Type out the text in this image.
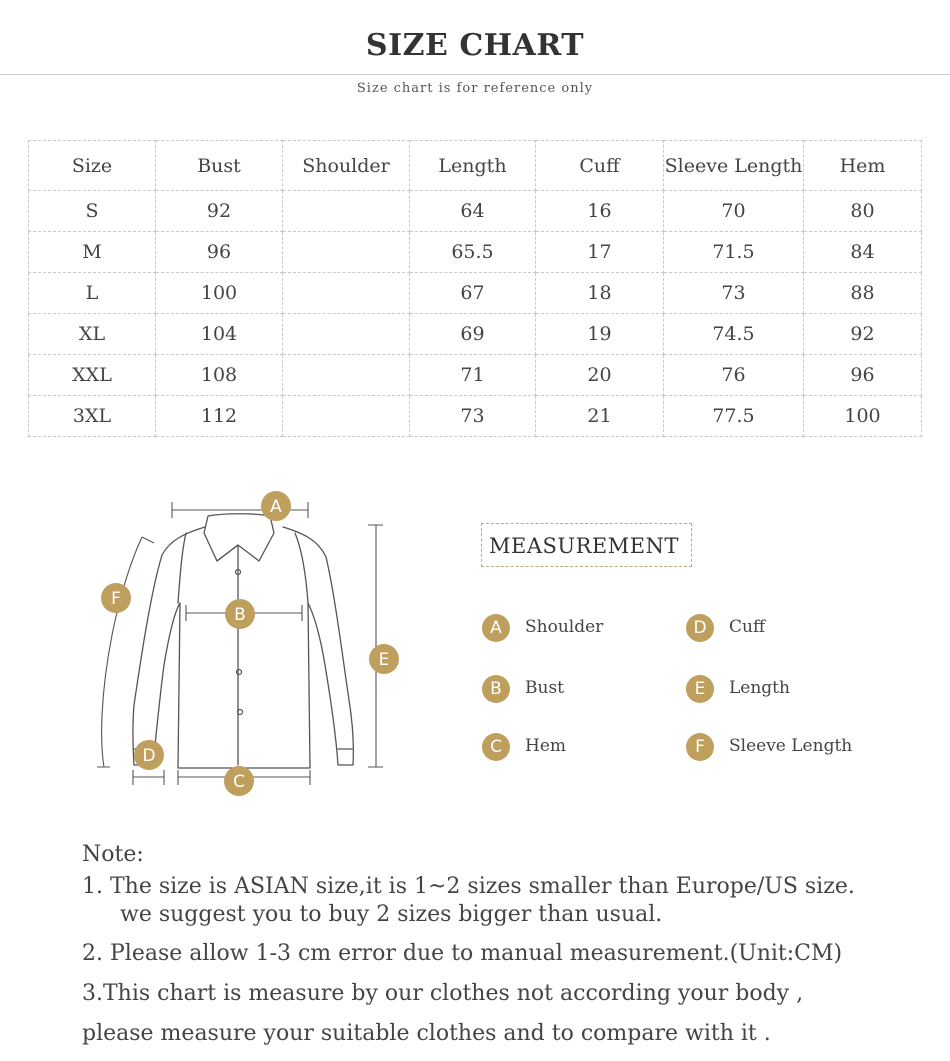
SIZE CHART
Size chart is for reference only
Size	Bust	Shoulder	Length	Cuff	Sleeve Length	Hem
S	92		64	16	70	80
M	96		65.5	17	71.5	84
L	100		67	18	73	88
XL	104		69	19	74.5	92
XXL	108		71	20	76	96
3XL	112		73	21	77.5	100
A
B
C
D
E
F
MEASUREMENT
A	Shoulder	D	Cuff
B	Bust	E	Length
C	Hem	F	Sleeve Length
Note:
1. The size is ASIAN size,it is 1~2 sizes smaller than Europe/US size.
we suggest you to buy 2 sizes bigger than usual.
2. Please allow 1-3 cm error due to manual measurement.(Unit:CM)
3.This chart is measure by our clothes not according your body ,
please measure your suitable clothes and to compare with it .
